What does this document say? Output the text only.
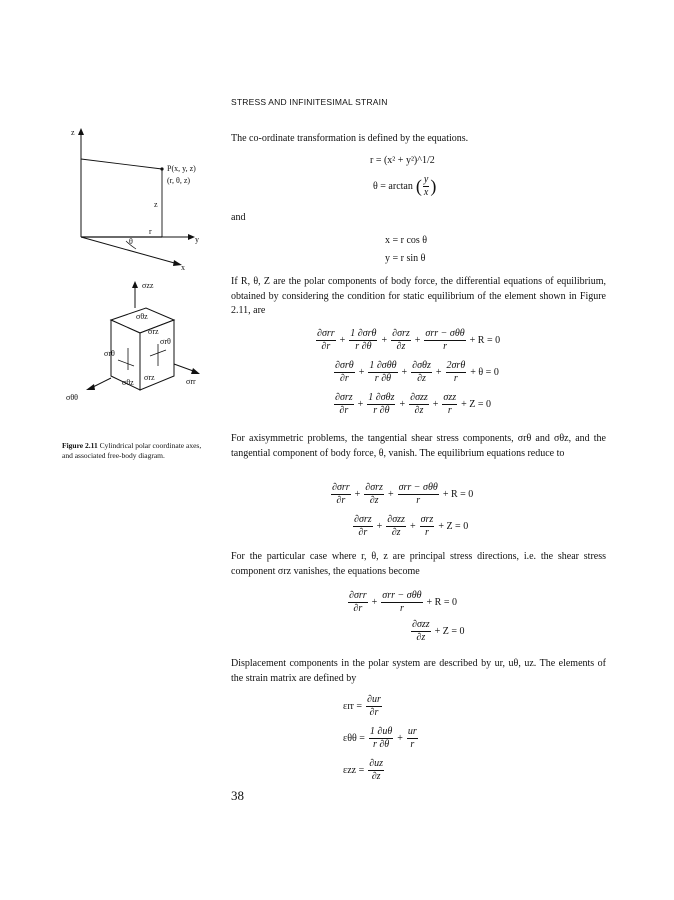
STRESS AND INFINITESIMAL STRAIN
z
P(x, y, z)
(r, θ, z)
z
θ
r
y
x
σzz
σθz
σrz
σrθ
σrθ
σθz
σrz	σrr
σθθ
Figure 2.11 Cylindrical polar coordinate axes, and associated free-body diagram.
The co-ordinate transformation is defined by the equations.
r = (x² + y²)^1/2
θ = arctan ( $\frac{y}{x}$ )
and
x = r cos θ
y = r sin θ
If R, θ, Z are the polar components of body force, the differential equations of equilibrium, obtained by considering the condition for static equilibrium of the element shown in Figure 2.11, are
∂σrr
∂r
+
1 ∂σrθ
r ∂θ
+
∂σrz
∂z
+
σrr − σθθ
r
+ R = 0
∂σrθ
∂r
+
1 ∂σθθ
r ∂θ
+
∂σθz
∂z
+
2σrθ
r
+ θ = 0
∂σrz
∂r
+
1 ∂σθz
r ∂θ
+
∂σzz
∂z
+
σzz
r
+ Z = 0
For axisymmetric problems, the tangential shear stress components, σrθ and σθz, and the tangential component of body force, θ, vanish. The equilibrium equations reduce to
∂σrr
∂r
+
∂σrz
∂z
+
σrr − σθθ
r
+ R = 0
∂σrz
∂r
+
∂σzz
∂z
+
σrz
r
+ Z = 0
For the particular case where r, θ, z are principal stress directions, i.e. the shear stress component σrz vanishes, the equations become
∂σrr
∂r
+
σrr − σθθ
r
+ R = 0
∂σzz
∂z
+ Z = 0
Displacement components in the polar system are described by ur, uθ, uz. The elements of the strain matrix are defined by
$\varepsilon rr = \frac{\partial ur}{\partial r}$
$\varepsilon\theta\theta = \frac{1 \partial u\theta}{r \partial\theta} + \frac{ur}{r}$
$\varepsilon zz = \frac{\partial uz}{\partial z}$
38
